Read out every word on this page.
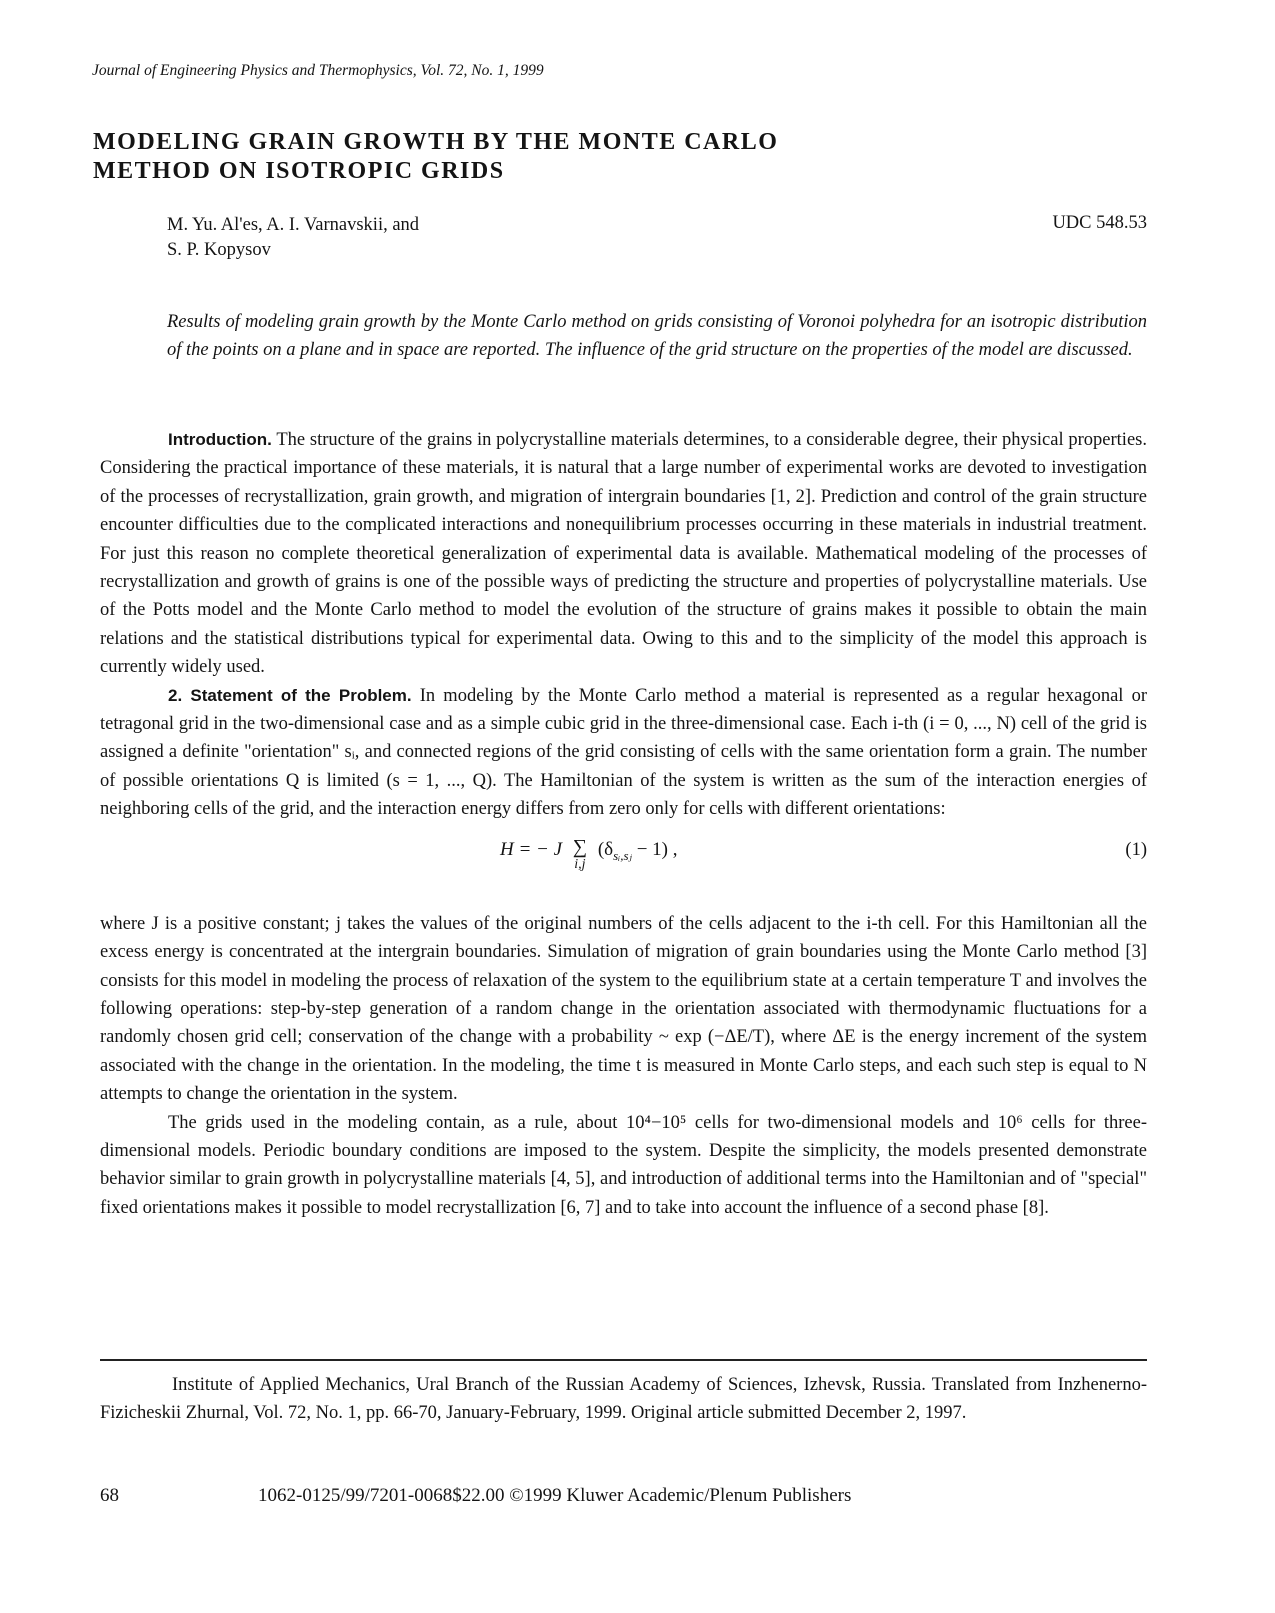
Journal of Engineering Physics and Thermophysics, Vol. 72, No. 1, 1999
MODELING GRAIN GROWTH BY THE MONTE CARLO
METHOD ON ISOTROPIC GRIDS
M. Yu. Al'es, A. I. Varnavskii, and
S. P. Kopysov
UDC 548.53
Results of modeling grain growth by the Monte Carlo method on grids consisting of Voronoi polyhedra for an isotropic distribution of the points on a plane and in space are reported. The influence of the grid structure on the properties of the model are discussed.

Introduction. The structure of the grains in polycrystalline materials determines, to a considerable degree, their physical properties. Considering the practical importance of these materials, it is natural that a large number of experimental works are devoted to investigation of the processes of recrystallization, grain growth, and migration of intergrain boundaries [1, 2]. Prediction and control of the grain structure encounter difficulties due to the complicated interactions and nonequilibrium processes occurring in these materials in industrial treatment. For just this reason no complete theoretical generalization of experimental data is available. Mathematical modeling of the processes of recrystallization and growth of grains is one of the possible ways of predicting the structure and properties of polycrystalline materials. Use of the Potts model and the Monte Carlo method to model the evolution of the structure of grains makes it possible to obtain the main relations and the statistical distributions typical for experimental data. Owing to this and to the simplicity of the model this approach is currently widely used.

2. Statement of the Problem. In modeling by the Monte Carlo method a material is represented as a regular hexagonal or tetragonal grid in the two-dimensional case and as a simple cubic grid in the three-dimensional case. Each i-th (i = 0, ..., N) cell of the grid is assigned a definite "orientation" sᵢ, and connected regions of the grid consisting of cells with the same orientation form a grain. The number of possible orientations Q is limited (s = 1, ..., Q). The Hamiltonian of the system is written as the sum of the interaction energies of neighboring cells of the grid, and the interaction energy differs from zero only for cells with different orientations:

H = − J ∑
i,j
$(\delta_{sᵢ,sⱼ} - 1)$ ,	(1)

where J is a positive constant; j takes the values of the original numbers of the cells adjacent to the i-th cell. For this Hamiltonian all the excess energy is concentrated at the intergrain boundaries. Simulation of migration of grain boundaries using the Monte Carlo method [3] consists for this model in modeling the process of relaxation of the system to the equilibrium state at a certain temperature T and involves the following operations: step-by-step generation of a random change in the orientation associated with thermodynamic fluctuations for a randomly chosen grid cell; conservation of the change with a probability ~ exp (−ΔE/T), where ΔE is the energy increment of the system associated with the change in the orientation. In the modeling, the time t is measured in Monte Carlo steps, and each such step is equal to N attempts to change the orientation in the system.

The grids used in the modeling contain, as a rule, about 10⁴−10⁵ cells for two-dimensional models and 10⁶ cells for three-dimensional models. Periodic boundary conditions are imposed to the system. Despite the simplicity, the models presented demonstrate behavior similar to grain growth in polycrystalline materials [4, 5], and introduction of additional terms into the Hamiltonian and of "special" fixed orientations makes it possible to model recrystallization [6, 7] and to take into account the influence of a second phase [8].

Institute of Applied Mechanics, Ural Branch of the Russian Academy of Sciences, Izhevsk, Russia. Translated from Inzhenerno-Fizicheskii Zhurnal, Vol. 72, No. 1, pp. 66-70, January-February, 1999. Original article submitted December 2, 1997.

68	1062-0125/99/7201-0068$22.00 ©1999 Kluwer Academic/Plenum Publishers
